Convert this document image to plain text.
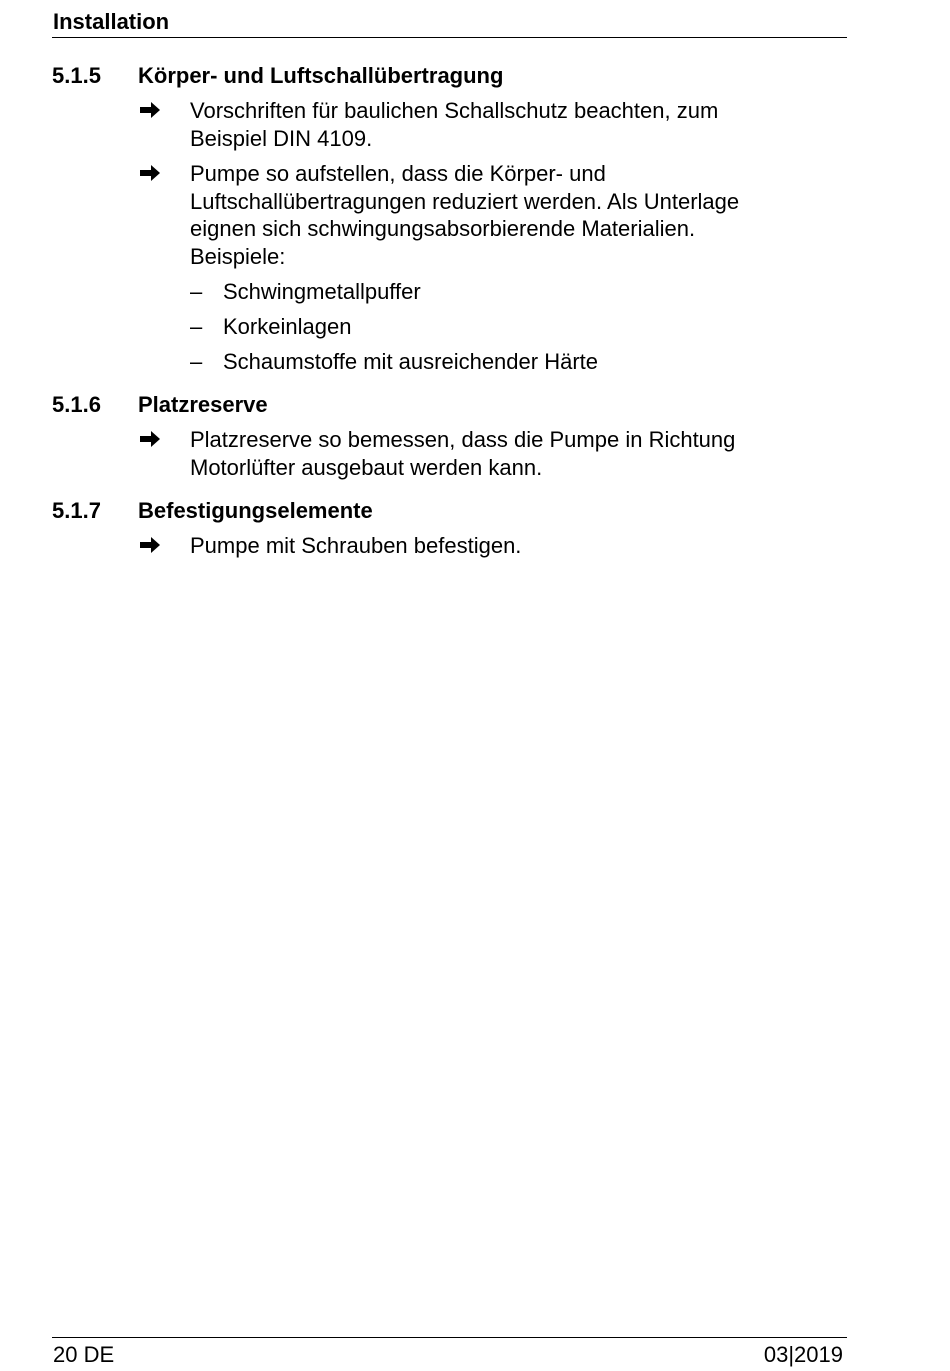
Installation
5.1.5 Körper- und Luftschallübertragung
Vorschriften für baulichen Schallschutz beachten, zum
Beispiel DIN 4109.
Pumpe so aufstellen, dass die Körper- und
Luftschallübertragungen reduziert werden. Als Unterlage
eignen sich schwingungsabsorbierende Materialien.
Beispiele:
– Schwingmetallpuffer
– Korkeinlagen
– Schaumstoffe mit ausreichender Härte
5.1.6 Platzreserve
Platzreserve so bemessen, dass die Pumpe in Richtung
Motorlüfter ausgebaut werden kann.
5.1.7 Befestigungselemente
Pumpe mit Schrauben befestigen.
20 DE	03|2019
